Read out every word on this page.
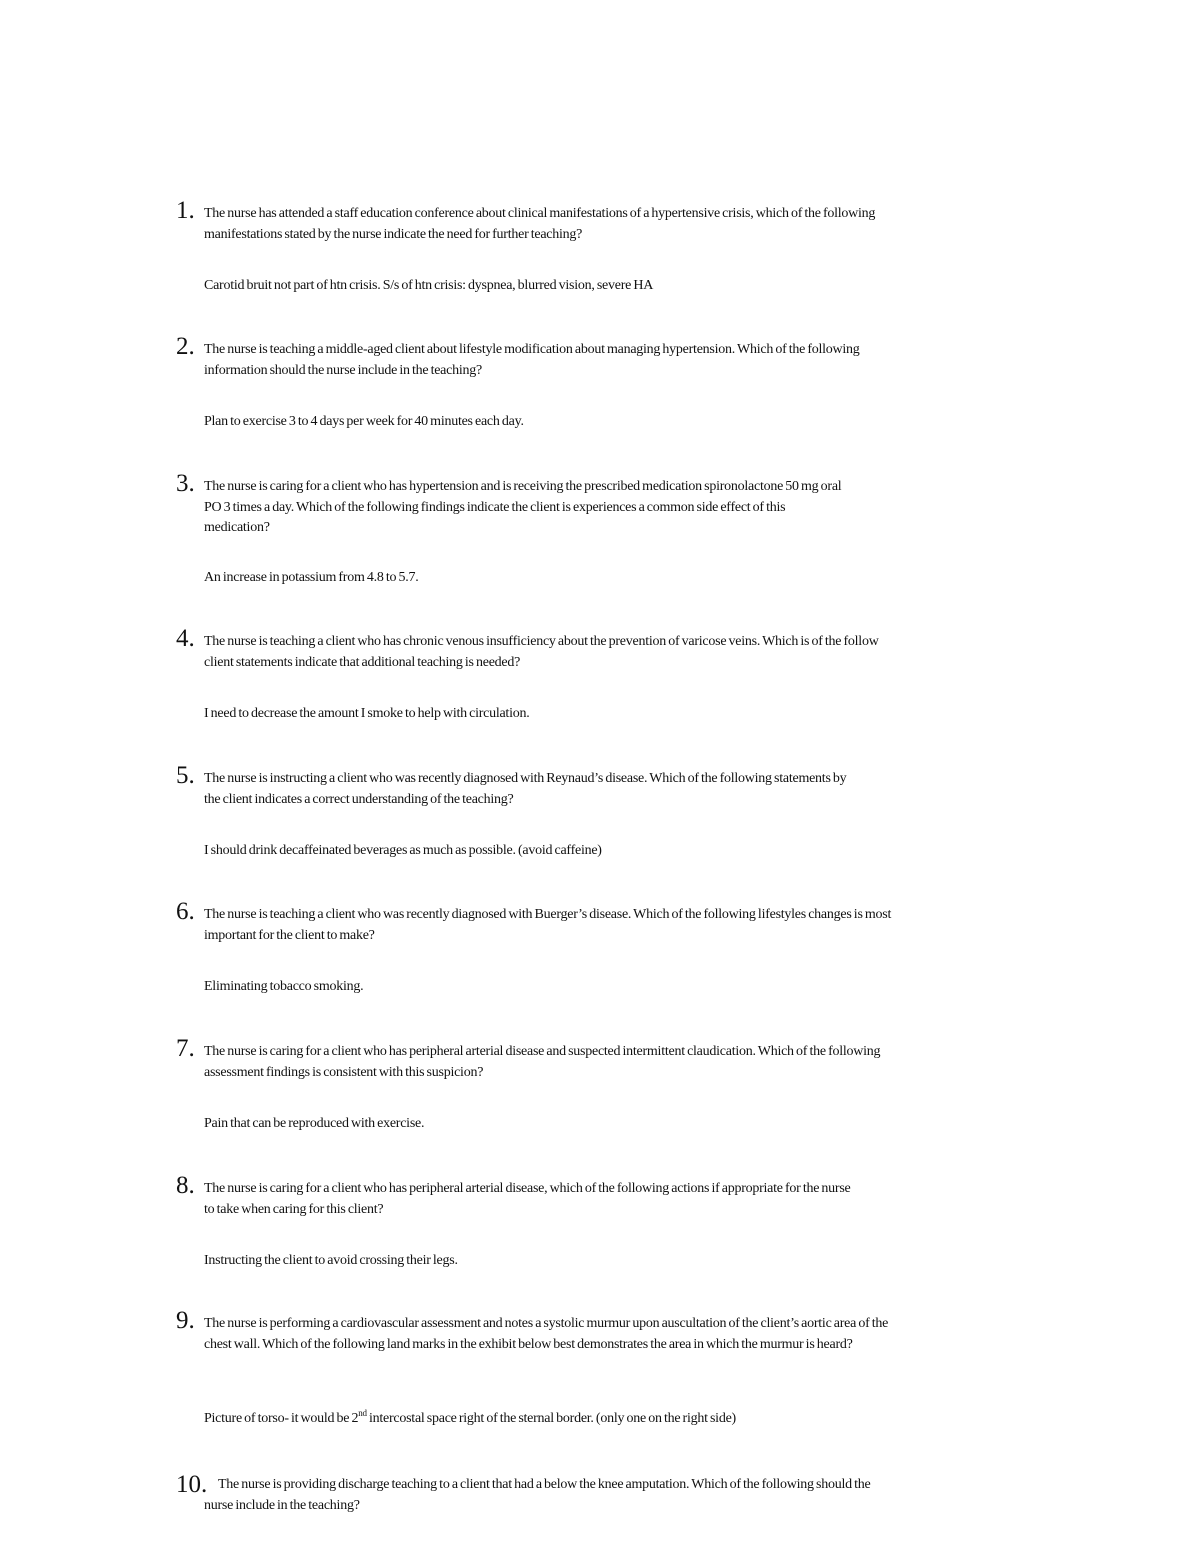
1. The nurse has attended a staff education conference about clinical manifestations of a hypertensive crisis, which of the following manifestations stated by the nurse indicate the need for further teaching?
Carotid bruit not part of htn crisis. S/s of htn crisis: dyspnea, blurred vision, severe HA
2. The nurse is teaching a middle-aged client about lifestyle modification about managing hypertension. Which of the following information should the nurse include in the teaching?
Plan to exercise 3 to 4 days per week for 40 minutes each day.
3. The nurse is caring for a client who has hypertension and is receiving the prescribed medication spironolactone 50 mg oral PO 3 times a day. Which of the following findings indicate the client is experiences a common side effect of this medication?
An increase in potassium from 4.8 to 5.7.
4. The nurse is teaching a client who has chronic venous insufficiency about the prevention of varicose veins. Which is of the follow client statements indicate that additional teaching is needed?
I need to decrease the amount I smoke to help with circulation.
5. The nurse is instructing a client who was recently diagnosed with Reynaud’s disease. Which of the following statements by the client indicates a correct understanding of the teaching?
I should drink decaffeinated beverages as much as possible. (avoid caffeine)
6. The nurse is teaching a client who was recently diagnosed with Buerger’s disease. Which of the following lifestyles changes is most important for the client to make?
Eliminating tobacco smoking.
7. The nurse is caring for a client who has peripheral arterial disease and suspected intermittent claudication. Which of the following assessment findings is consistent with this suspicion?
Pain that can be reproduced with exercise.
8. The nurse is caring for a client who has peripheral arterial disease, which of the following actions if appropriate for the nurse to take when caring for this client?
Instructing the client to avoid crossing their legs.
9. The nurse is performing a cardiovascular assessment and notes a systolic murmur upon auscultation of the client’s aortic area of the chest wall. Which of the following land marks in the exhibit below best demonstrates the area in which the murmur is heard?
Picture of torso- it would be 2nd intercostal space right of the sternal border. (only one on the right side)
10. The nurse is providing discharge teaching to a client that had a below the knee amputation. Which of the following should the nurse include in the teaching?
